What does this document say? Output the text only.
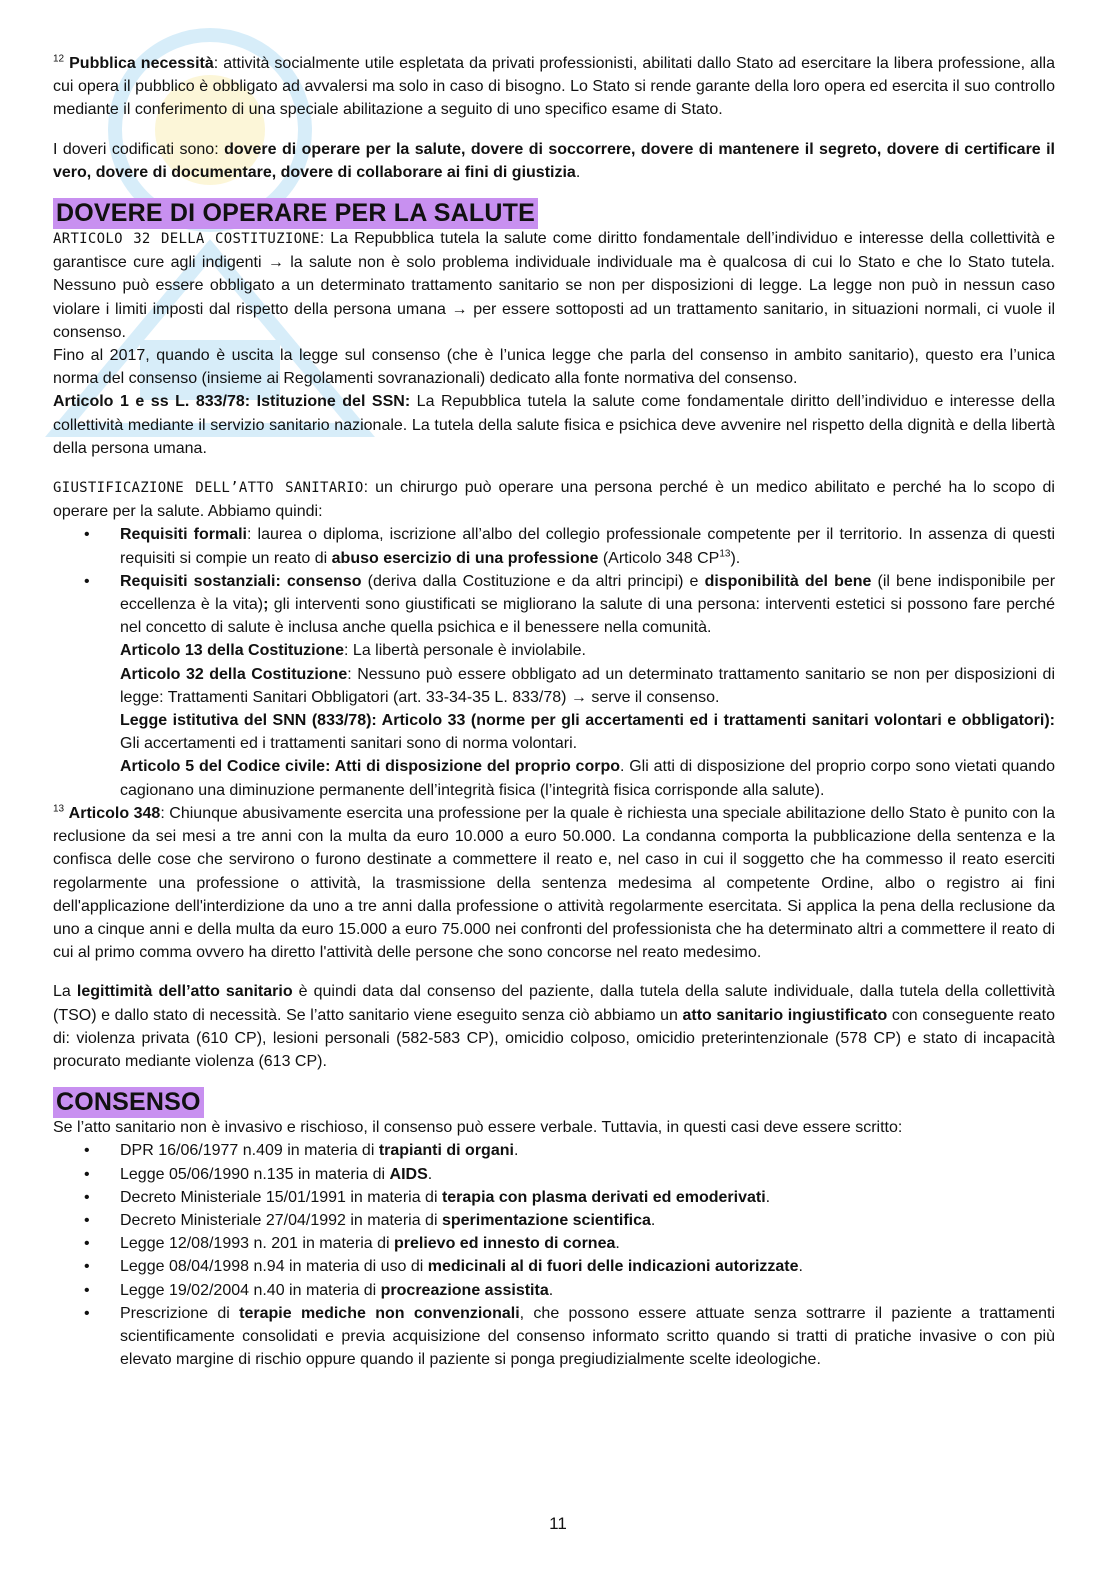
$^{12}$ Pubblica necessità: attività socialmente utile espletata da privati professionisti, abilitati dallo Stato ad esercitare la libera professione, alla cui opera il pubblico è obbligato ad avvalersi ma solo in caso di bisogno. Lo Stato si rende garante della loro opera ed esercita il suo controllo mediante il conferimento di una speciale abilitazione a seguito di uno specifico esame di Stato.

I doveri codificati sono: dovere di operare per la salute, dovere di soccorrere, dovere di mantenere il segreto, dovere di certificare il vero, dovere di documentare, dovere di collaborare ai fini di giustizia.

DOVERE DI OPERARE PER LA SALUTE

ARTICOLO 32 DELLA COSTITUZIONE: La Repubblica tutela la salute come diritto fondamentale dell’individuo e interesse della collettività e garantisce cure agli indigenti → la salute non è solo problema individuale individuale ma è qualcosa di cui lo Stato e che lo Stato tutela. Nessuno può essere obbligato a un determinato trattamento sanitario se non per disposizioni di legge. La legge non può in nessun caso violare i limiti imposti dal rispetto della persona umana → per essere sottoposti ad un trattamento sanitario, in situazioni normali, ci vuole il consenso.

Fino al 2017, quando è uscita la legge sul consenso (che è l’unica legge che parla del consenso in ambito sanitario), questo era l’unica norma del consenso (insieme ai Regolamenti sovranazionali) dedicato alla fonte normativa del consenso.

Articolo 1 e ss L. 833/78: Istituzione del SSN: La Repubblica tutela la salute come fondamentale diritto dell’individuo e interesse della collettività mediante il servizio sanitario nazionale. La tutela della salute fisica e psichica deve avvenire nel rispetto della dignità e della libertà della persona umana.

GIUSTIFICAZIONE DELL’ATTO SANITARIO: un chirurgo può operare una persona perché è un medico abilitato e perché ha lo scopo di operare per la salute. Abbiamo quindi:

• Requisiti formali: laurea o diploma, iscrizione all’albo del collegio professionale competente per il territorio. In assenza di questi requisiti si compie un reato di abuso esercizio di una professione (Articolo 348 CP$^{13}$).
• Requisiti sostanziali: consenso (deriva dalla Costituzione e da altri principi) e disponibilità del bene (il bene indisponibile per eccellenza è la vita); gli interventi sono giustificati se migliorano la salute di una persona: interventi estetici si possono fare perché nel concetto di salute è inclusa anche quella psichica e il benessere nella comunità.
Articolo 13 della Costituzione: La libertà personale è inviolabile.
Articolo 32 della Costituzione: Nessuno può essere obbligato ad un determinato trattamento sanitario se non per disposizioni di legge: Trattamenti Sanitari Obbligatori (art. 33-34-35 L. 833/78) → serve il consenso.
Legge istitutiva del SNN (833/78): Articolo 33 (norme per gli accertamenti ed i trattamenti sanitari volontari e obbligatori): Gli accertamenti ed i trattamenti sanitari sono di norma volontari.
Articolo 5 del Codice civile: Atti di disposizione del proprio corpo. Gli atti di disposizione del proprio corpo sono vietati quando cagionano una diminuzione permanente dell’integrità fisica (l’integrità fisica corrisponde alla salute).

$^{13}$ Articolo 348: Chiunque abusivamente esercita una professione per la quale è richiesta una speciale abilitazione dello Stato è punito con la reclusione da sei mesi a tre anni con la multa da euro 10.000 a euro 50.000. La condanna comporta la pubblicazione della sentenza e la confisca delle cose che servirono o furono destinate a commettere il reato e, nel caso in cui il soggetto che ha commesso il reato eserciti regolarmente una professione o attività, la trasmissione della sentenza medesima al competente Ordine, albo o registro ai fini dell'applicazione dell'interdizione da uno a tre anni dalla professione o attività regolarmente esercitata. Si applica la pena della reclusione da uno a cinque anni e della multa da euro 15.000 a euro 75.000 nei confronti del professionista che ha determinato altri a commettere il reato di cui al primo comma ovvero ha diretto l'attività delle persone che sono concorse nel reato medesimo.

La legittimità dell’atto sanitario è quindi data dal consenso del paziente, dalla tutela della salute individuale, dalla tutela della collettività (TSO) e dallo stato di necessità. Se l’atto sanitario viene eseguito senza ciò abbiamo un atto sanitario ingiustificato con conseguente reato di: violenza privata (610 CP), lesioni personali (582-583 CP), omicidio colposo, omicidio preterintenzionale (578 CP) e stato di incapacità procurato mediante violenza (613 CP).

CONSENSO

Se l’atto sanitario non è invasivo e rischioso, il consenso può essere verbale. Tuttavia, in questi casi deve essere scritto:

• DPR 16/06/1977 n.409 in materia di trapianti di organi.
• Legge 05/06/1990 n.135 in materia di AIDS.
• Decreto Ministeriale 15/01/1991 in materia di terapia con plasma derivati ed emoderivati.
• Decreto Ministeriale 27/04/1992 in materia di sperimentazione scientifica.
• Legge 12/08/1993 n. 201 in materia di prelievo ed innesto di cornea.
• Legge 08/04/1998 n.94 in materia di uso di medicinali al di fuori delle indicazioni autorizzate.
• Legge 19/02/2004 n.40 in materia di procreazione assistita.
• Prescrizione di terapie mediche non convenzionali, che possono essere attuate senza sottrarre il paziente a trattamenti scientificamente consolidati e previa acquisizione del consenso informato scritto quando si tratti di pratiche invasive o con più elevato margine di rischio oppure quando il paziente si ponga pregiudizialmente scelte ideologiche.
11
